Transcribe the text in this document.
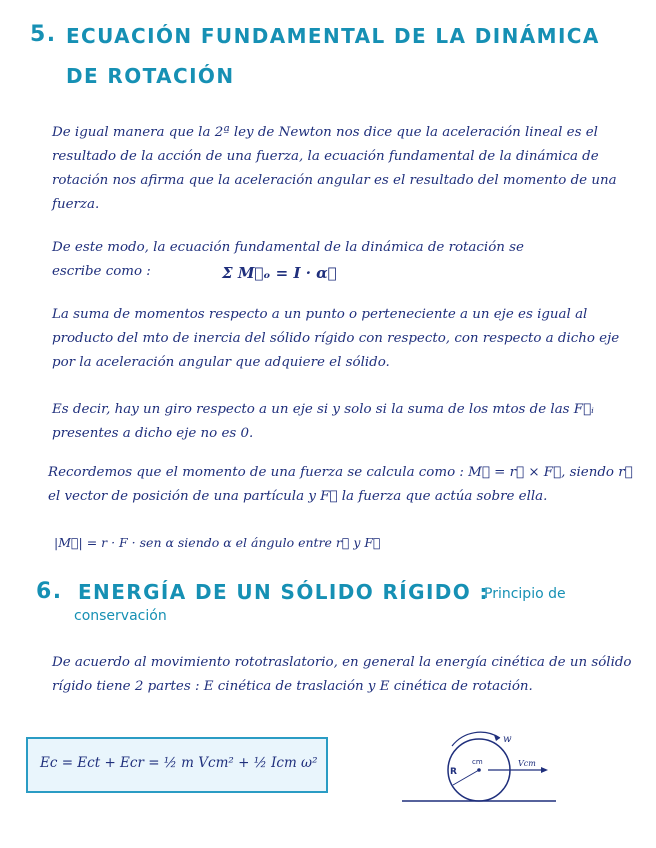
5. ECUACIÓN FUNDAMENTAL DE LA DINÁMICA
DE ROTACIÓN

De igual manera que la 2ª ley de Newton nos dice que la aceleración lineal es el resultado de la acción de una fuerza, la ecuación fundamental de la dinámica de rotación nos afirma que la aceleración angular es el resultado del momento de una fuerza.

De este modo, la ecuación fundamental de la dinámica de rotación se

escribe como :	Σ M⃗ₒ = I · α⃗

La suma de momentos respecto a un punto o perteneciente a un eje es igual al producto del mto de inercia del sólido rígido con respecto, con respecto a dicho eje por la aceleración angular que adquiere el sólido.

Es decir, hay un giro respecto a un eje si y solo si la suma de los mtos de las F⃗ᵢ presentes a dicho eje no es 0.

Recordemos que el momento de una fuerza se calcula como : M⃗ = r⃗ × F⃗, siendo r⃗ el vector de posición de una partícula y F⃗ la fuerza que actúa sobre ella.

|M⃗| = r · F · sen α siendo α el ángulo entre r⃗ y F⃗

6. ENERGÍA DE UN SÓLIDO RÍGIDO :
Principio de
conservación

De acuerdo al movimiento rototraslatorio, en general la energía cinética de un sólido rígido tiene 2 partes : E cinética de traslación y E cinética de rotación.

Ec = Ect + Ecr = ½ m Vcm² + ½ Icm ω²
w
R
cm	Vcm
